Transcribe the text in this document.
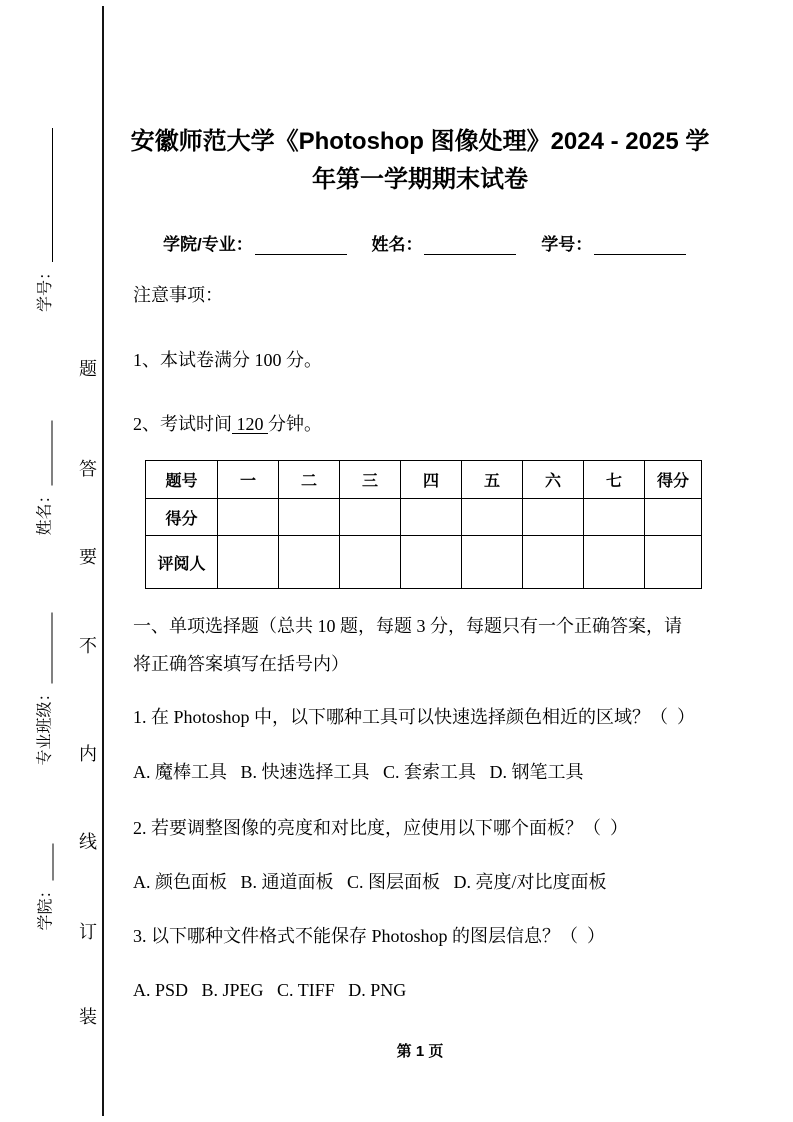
学号：
姓名：
专业班级：
学院：
题
答
要
不
内
线
订
装
安徽师范大学《Photoshop 图像处理》2024 - 2025 学
年第一学期期末试卷
学院/专业：	姓名：	学号：
注意事项：
1、本试卷满分 100 分。
2、考试时间 120 分钟。
题号	一	二	三	四	五	六	七	得分
得分								
评阅人								
一、单项选择题（总共 10 题，每题 3 分，每题只有一个正确答案，请
将正确答案填写在括号内）
1. 在 Photoshop 中，以下哪种工具可以快速选择颜色相近的区域？（  ）
A. 魔棒工具   B. 快速选择工具   C. 套索工具   D. 钢笔工具
2. 若要调整图像的亮度和对比度，应使用以下哪个面板？（  ）
A. 颜色面板   B. 通道面板   C. 图层面板   D. 亮度/对比度面板
3. 以下哪种文件格式不能保存 Photoshop 的图层信息？（  ）
A. PSD   B. JPEG   C. TIFF   D. PNG
第 1 页
